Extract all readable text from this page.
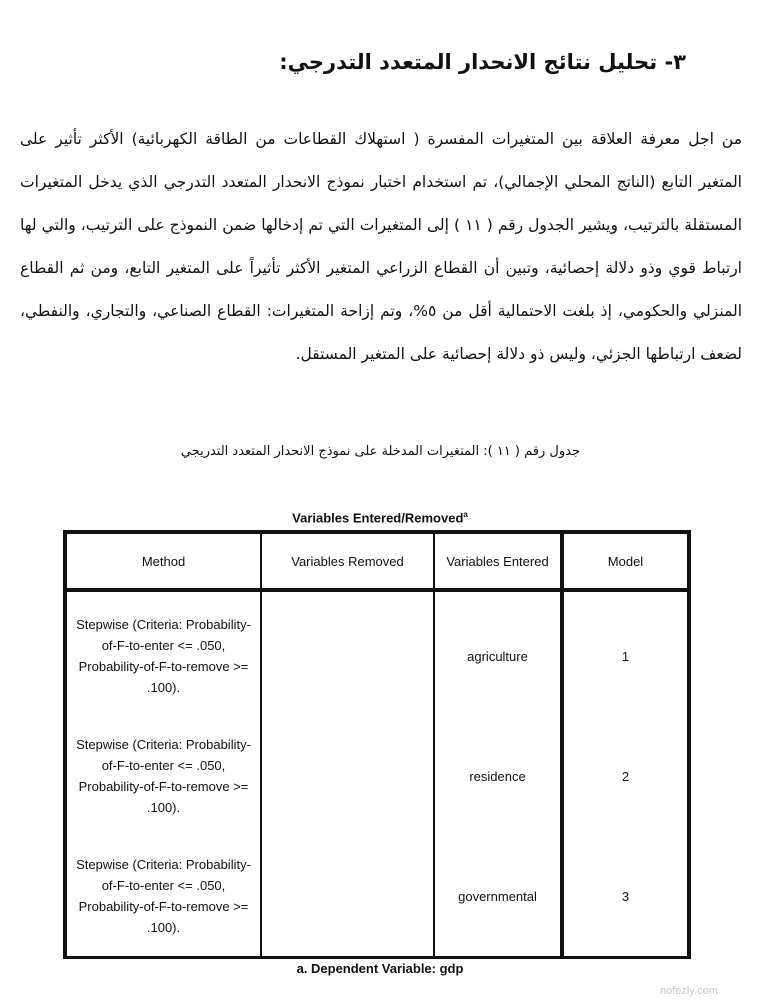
٣- تحليل نتائج الانحدار المتعدد التدرجي:
من اجل معرفة العلاقة بين المتغيرات المفسرة ( استهلاك القطاعات من الطاقة الكهربائية) الأكثر تأثير على المتغير التابع (الناتج المحلي الإجمالي)، تم استخدام اختبار نموذج الانحدار المتعدد التدرجي الذي يدخل المتغيرات المستقلة بالترتيب، ويشير الجدول رقم ( ١١ ) إلى المتغيرات التي تم إدخالها ضمن النموذج على الترتيب، والتي لها ارتباط قوي وذو دلالة إحصائية، وتبين أن القطاع الزراعي المتغير الأكثر تأثيراً على المتغير التابع، ومن ثم القطاع المنزلي والحكومي، إذ بلغت الاحتمالية أقل من ٥%، وتم إزاحة المتغيرات: القطاع الصناعي، والتجاري، والنفطي، لضعف ارتباطها الجزئي، وليس ذو دلالة إحصائية على المتغير المستقل.
جدول رقم ( ١١ ): المتغيرات المدخلة على نموذج الانحدار المتعدد التدريجي
Variables Entered/Removed$^a$
Method	Variables Removed	Variables Entered	Model

Stepwise (Criteria: Probability-of-F-to-enter <= .050, Probability-of-F-to-remove >= .100).		agriculture	1

Stepwise (Criteria: Probability-of-F-to-enter <= .050, Probability-of-F-to-remove >= .100).		residence	2

Stepwise (Criteria: Probability-of-F-to-enter <= .050, Probability-of-F-to-remove >= .100).		governmental	3
a. Dependent Variable: gdp
nofezly.com
